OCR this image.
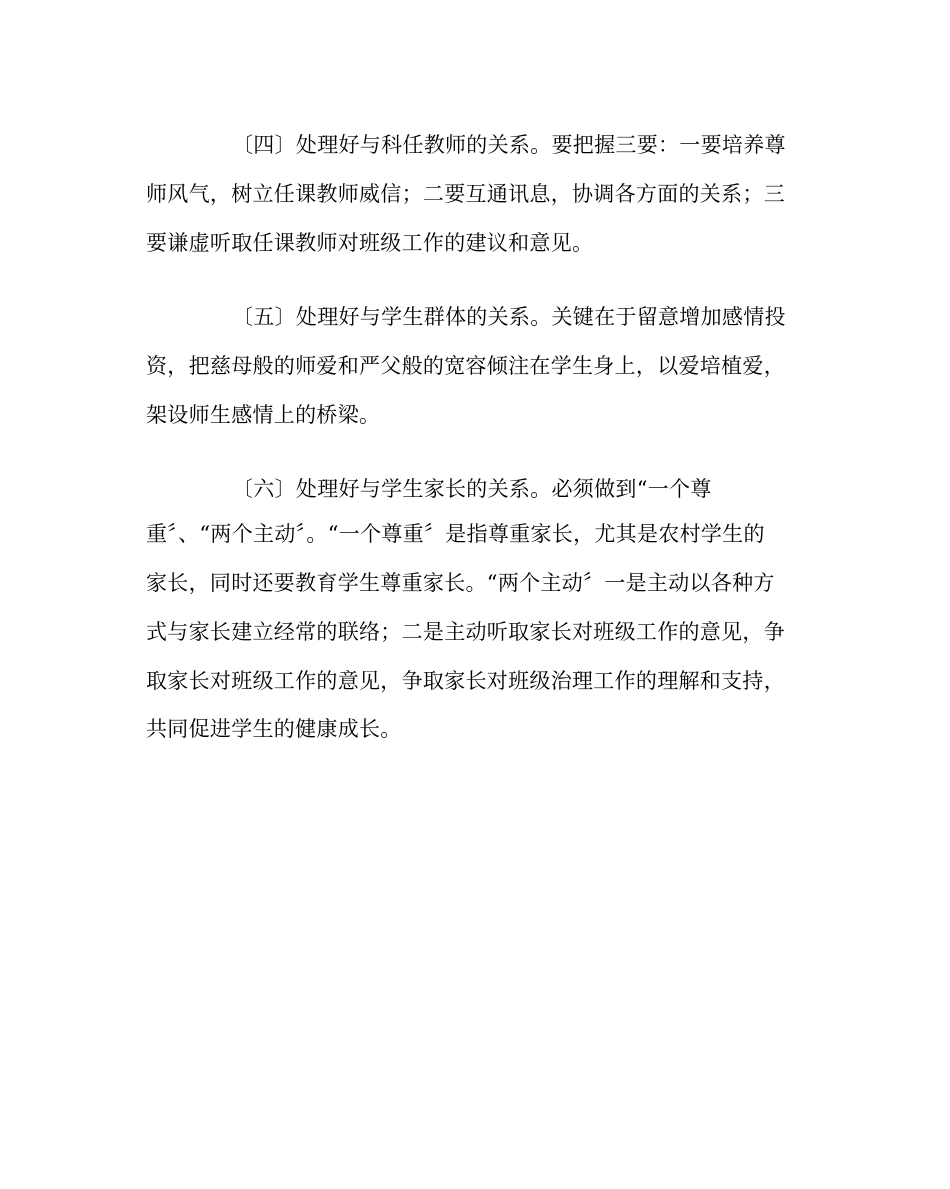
〔四〕处理好与科任教师的关系。要把握三要：一要培养尊
师风气，树立任课教师威信；二要互通讯息，协调各方面的关系；三
要谦虚听取任课教师对班级工作的建议和意见。
〔五〕处理好与学生群体的关系。关键在于留意增加感情投
资，把慈母般的师爱和严父般的宽容倾注在学生身上，以爱培植爱，
架设师生感情上的桥梁。
〔六〕处理好与学生家长的关系。必须做到“一个尊
重〞、“两个主动〞。“一个尊重〞是指尊重家长，尤其是农村学生的
家长，同时还要教育学生尊重家长。“两个主动〞一是主动以各种方
式与家长建立经常的联络；二是主动听取家长对班级工作的意见，争
取家长对班级工作的意见，争取家长对班级治理工作的理解和支持，
共同促进学生的健康成长。
